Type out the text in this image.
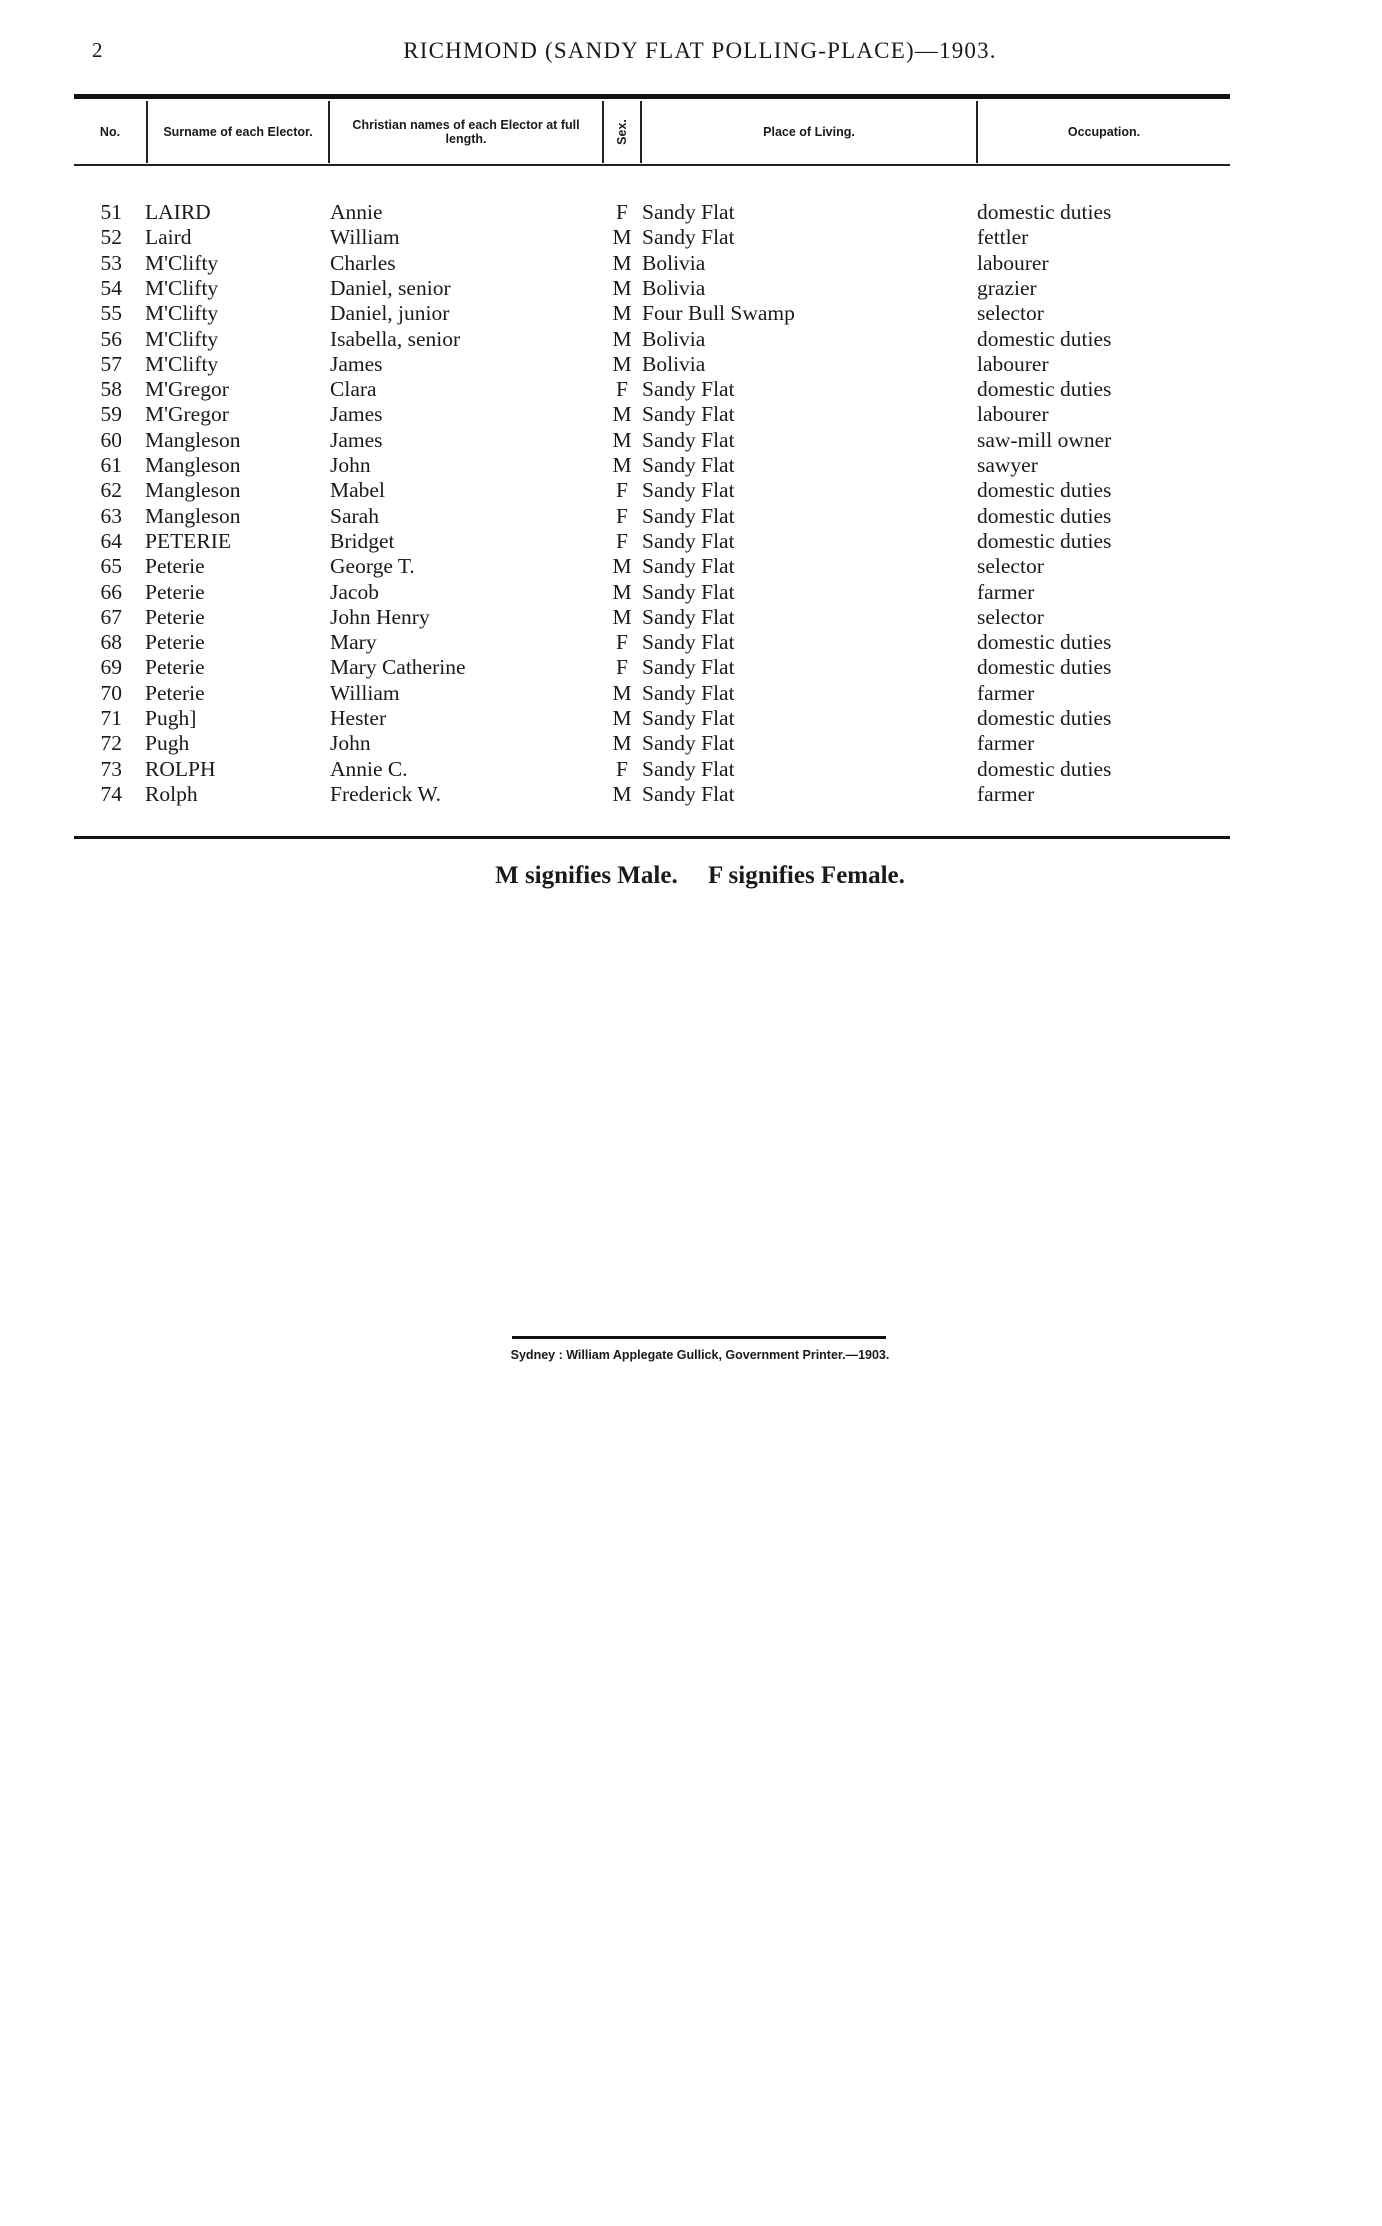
2	RICHMOND (SANDY FLAT POLLING-PLACE)—1903.
No.	Surname of each Elector.	Christian names of each Elector at full length.	Sex.	Place of Living.	Occupation.
51 LAIRD	Annie	F Sandy Flat	domestic duties
52 Laird	William	M Sandy Flat	fettler
53 M'Clifty	Charles	M Bolivia	labourer
54 M'Clifty	Daniel, senior	M Bolivia	grazier
55 M'Clifty	Daniel, junior	M Four Bull Swamp	selector
56 M'Clifty	Isabella, senior	M Bolivia	domestic duties
57 M'Clifty	James	M Bolivia	labourer
58 M'Gregor	Clara	F Sandy Flat	domestic duties
59 M'Gregor	James	M Sandy Flat	labourer
60 Mangleson	James	M Sandy Flat	saw-mill owner
61 Mangleson	John	M Sandy Flat	sawyer
62 Mangleson	Mabel	F Sandy Flat	domestic duties
63 Mangleson	Sarah	F Sandy Flat	domestic duties
64 PETERIE	Bridget	F Sandy Flat	domestic duties
65 Peterie	George T.	M Sandy Flat	selector
66 Peterie	Jacob	M Sandy Flat	farmer
67 Peterie	John Henry	M Sandy Flat	selector
68 Peterie	Mary	F Sandy Flat	domestic duties
69 Peterie	Mary Catherine	F Sandy Flat	domestic duties
70 Peterie	William	M Sandy Flat	farmer
71 Pugh]	Hester	M Sandy Flat	domestic duties
72 Pugh	John	M Sandy Flat	farmer
73 ROLPH	Annie C.	F Sandy Flat	domestic duties
74 Rolph	Frederick W.	M Sandy Flat	farmer
M signifies Male. F signifies Female.
Sydney : William Applegate Gullick, Government Printer.—1903.
